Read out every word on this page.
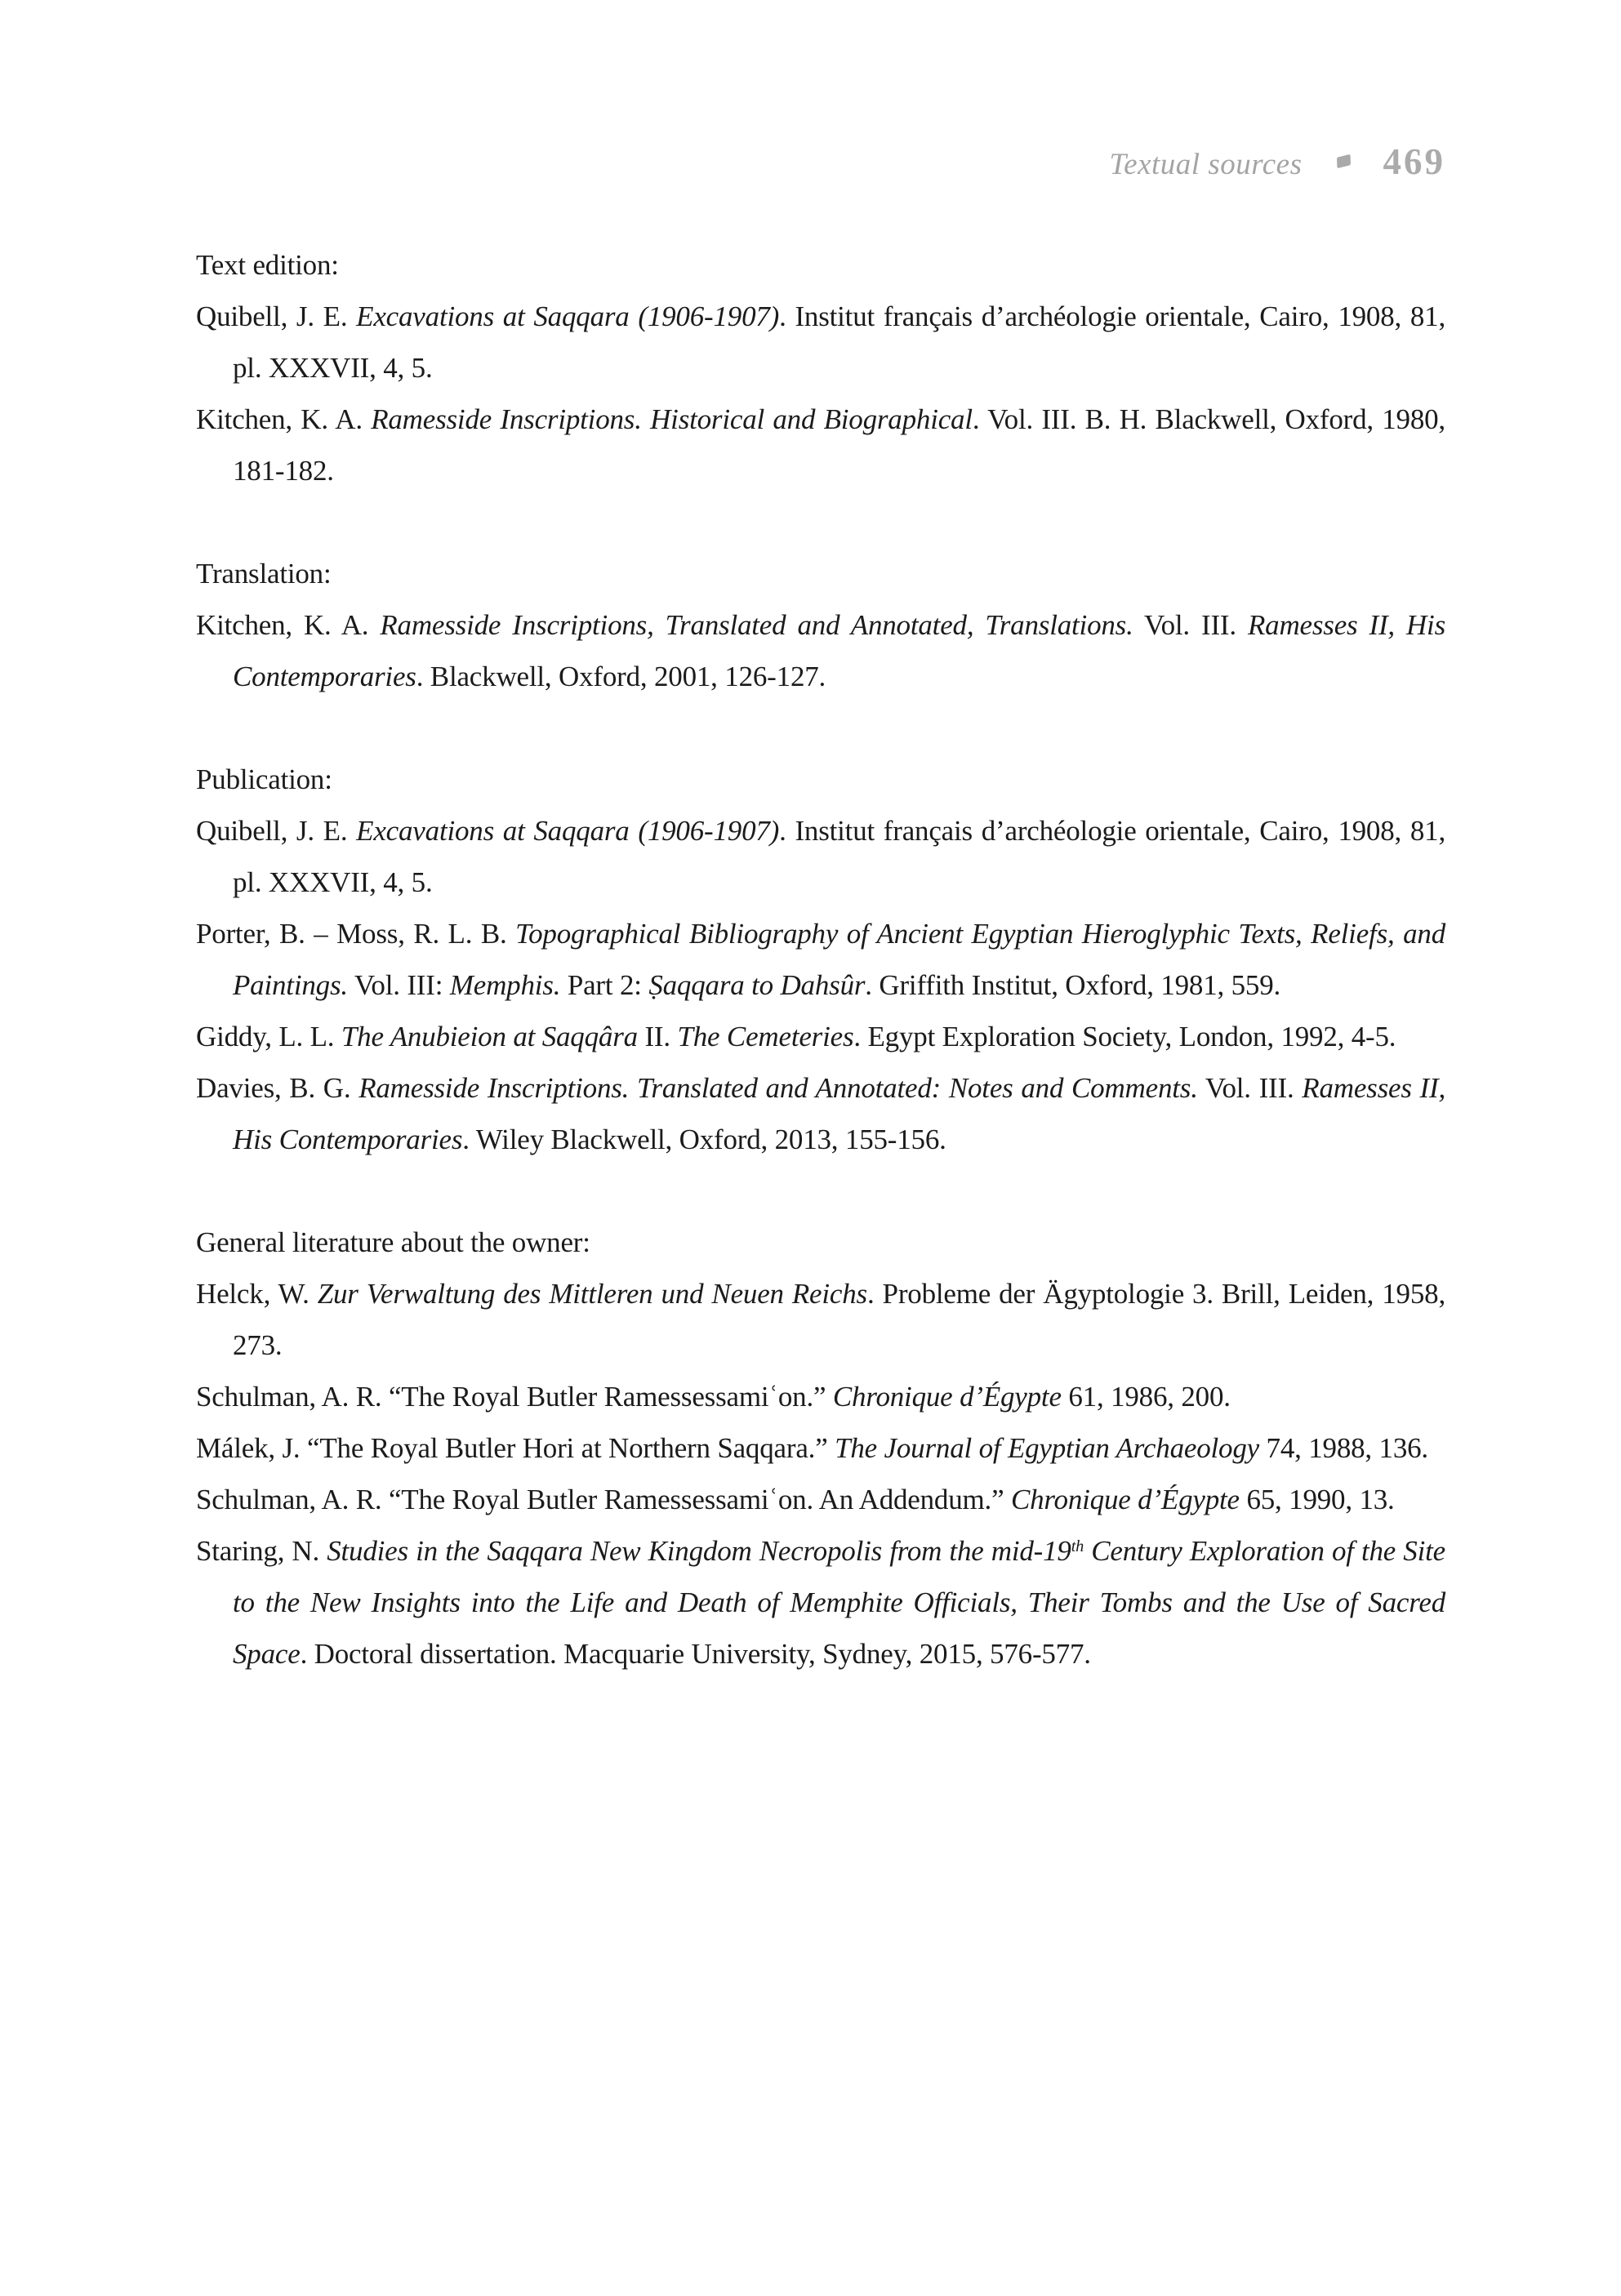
Textual sources 469

Text edition:

Quibell, J. E. Excavations at Saqqara (1906-1907). Institut français d’archéologie orientale, Cairo, 1908, 81, pl. XXXVII, 4, 5.

Kitchen, K. A. Ramesside Inscriptions. Historical and Biographical. Vol. III. B. H. Blackwell, Oxford, 1980, 181-182.

Translation:

Kitchen, K. A. Ramesside Inscriptions, Translated and Annotated, Translations. Vol. III. Ramesses II, His Contemporaries. Blackwell, Oxford, 2001, 126-127.

Publication:

Quibell, J. E. Excavations at Saqqara (1906-1907). Institut français d’archéologie orientale, Cairo, 1908, 81, pl. XXXVII, 4, 5.

Porter, B. – Moss, R. L. B. Topographical Bibliography of Ancient Egyptian Hieroglyphic Texts, Reliefs, and Paintings. Vol. III: Memphis. Part 2: Ṣaqqara to Dahsûr. Griffith Institut, Oxford, 1981, 559.

Giddy, L. L. The Anubieion at Saqqâra II. The Cemeteries. Egypt Exploration Society, London, 1992, 4-5.

Davies, B. G. Ramesside Inscriptions. Translated and Annotated: Notes and Comments. Vol. III. Ramesses II, His Contemporaries. Wiley Blackwell, Oxford, 2013, 155-156.

General literature about the owner:

Helck, W. Zur Verwaltung des Mittleren und Neuen Reichs. Probleme der Ägyptologie 3. Brill, Leiden, 1958, 273.

Schulman, A. R. “The Royal Butler Ramessessamiʿon.” Chronique d’Égypte 61, 1986, 200.

Málek, J. “The Royal Butler Hori at Northern Saqqara.” The Journal of Egyptian Archaeology 74, 1988, 136.

Schulman, A. R. “The Royal Butler Ramessessamiʿon. An Addendum.” Chronique d’Égypte 65, 1990, 13.

Staring, N. Studies in the Saqqara New Kingdom Necropolis from the mid-19th Century Exploration of the Site to the New Insights into the Life and Death of Memphite Officials, Their Tombs and the Use of Sacred Space. Doctoral dissertation. Macquarie University, Sydney, 2015, 576-577.
